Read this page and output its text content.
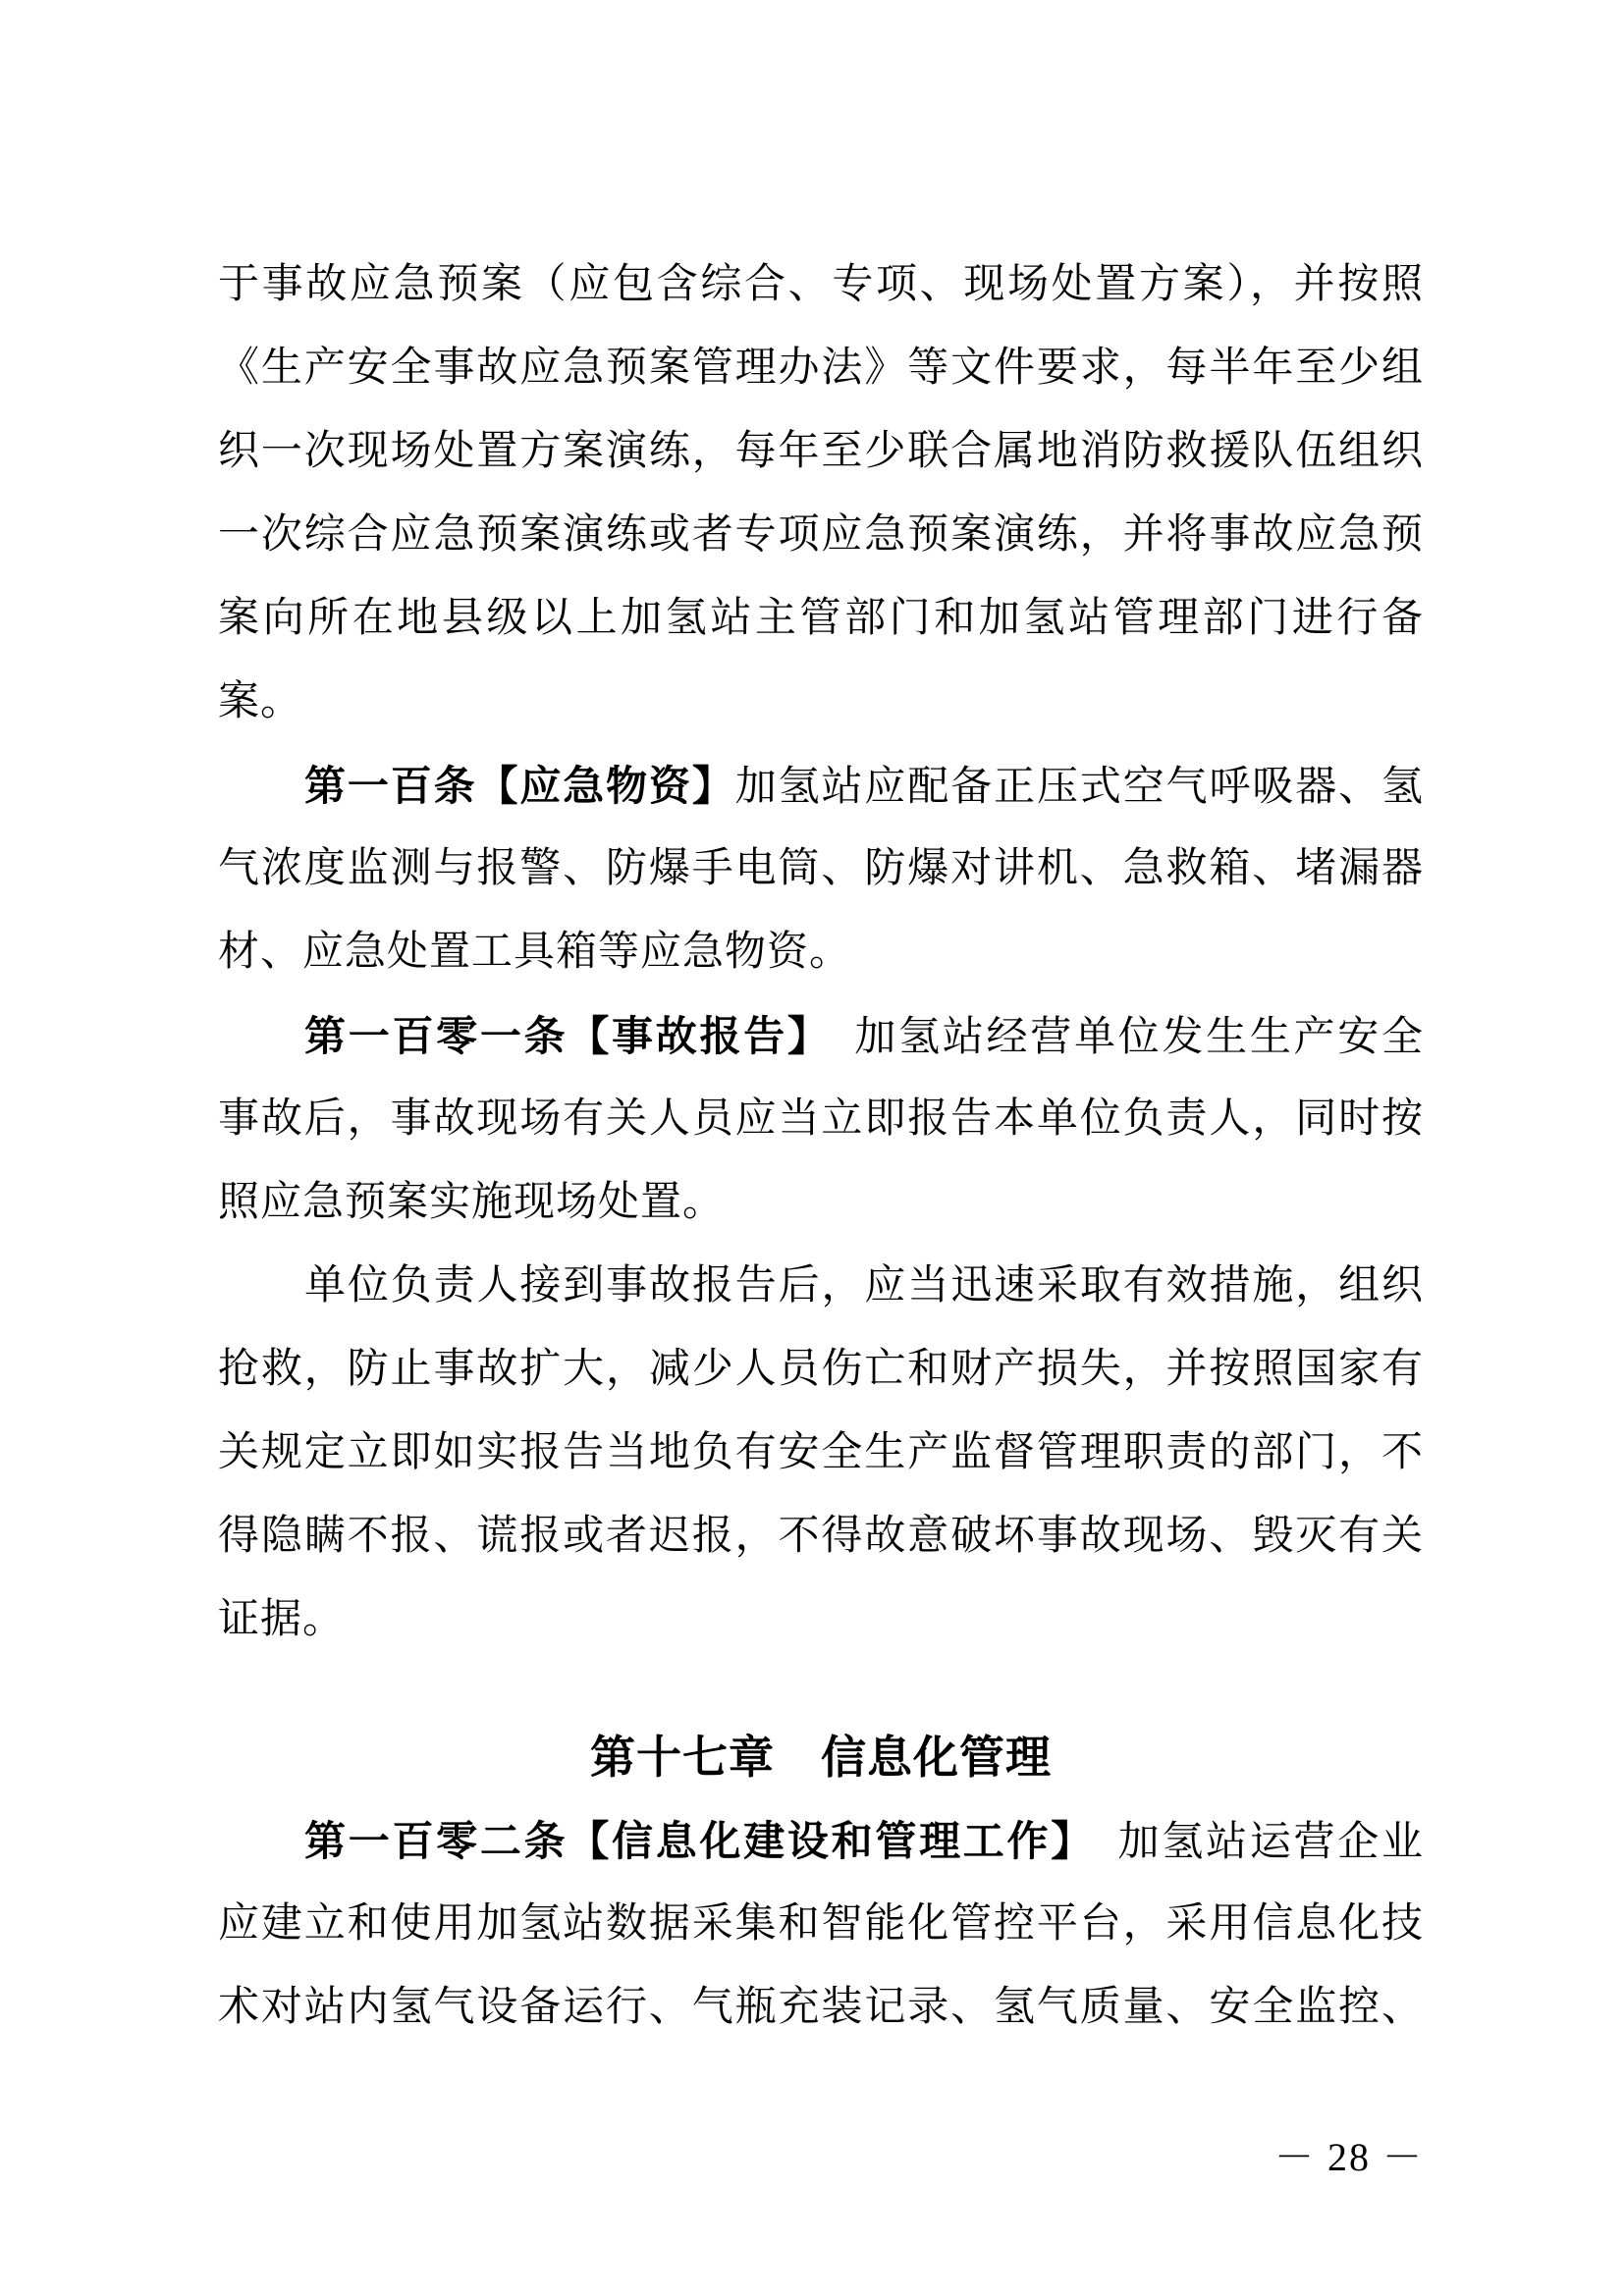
于事故应急预案（应包含综合、专项、现场处置方案），并按照
《生产安全事故应急预案管理办法》等文件要求，每半年至少组
织一次现场处置方案演练，每年至少联合属地消防救援队伍组织
一次综合应急预案演练或者专项应急预案演练，并将事故应急预
案向所在地县级以上加氢站主管部门和加氢站管理部门进行备
案。
第一百条【应急物资】加氢站应配备正压式空气呼吸器、氢
气浓度监测与报警、防爆手电筒、防爆对讲机、急救箱、堵漏器
材、应急处置工具箱等应急物资。
第一百零一条【事故报告】　加氢站经营单位发生生产安全
事故后，事故现场有关人员应当立即报告本单位负责人，同时按
照应急预案实施现场处置。
单位负责人接到事故报告后，应当迅速采取有效措施，组织
抢救，防止事故扩大，减少人员伤亡和财产损失，并按照国家有
关规定立即如实报告当地负有安全生产监督管理职责的部门，不
得隐瞒不报、谎报或者迟报，不得故意破坏事故现场、毁灭有关
证据。
第十七章　信息化管理
第一百零二条【信息化建设和管理工作】　加氢站运营企业
应建立和使用加氢站数据采集和智能化管控平台，采用信息化技
术对站内氢气设备运行、气瓶充装记录、氢气质量、安全监控、
－ 28 －
